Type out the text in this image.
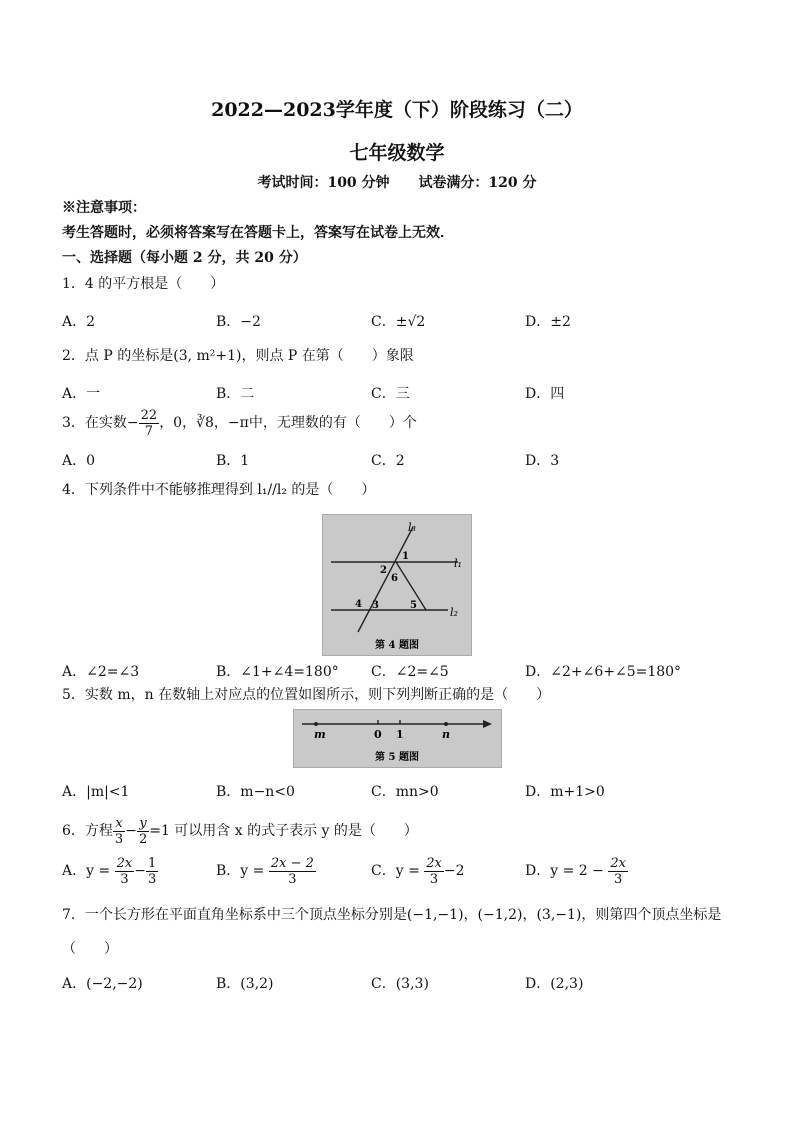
2022—2023学年度（下）阶段练习（二）
七年级数学
考试时间：100 分钟 试卷满分：120 分
※注意事项：
考生答题时，必须将答案写在答题卡上，答案写在试卷上无效．
一、选择题（每小题 2 分，共 20 分）
1．4 的平方根是（　　）
A．2	B．−2	C．±√2	D．±2
2．点 P 的坐标是(3, m²+1)，则点 P 在第（　　）象限
A．一	B．二	C．三	D．四
3．在实数− $\frac{22}{7}$ ，0，∛8，−π中，无理数的有（　　）个
A．0	B．1	C．2	D．3
4．下列条件中不能够推理得到 l₁//l₂ 的是（　　）
l₃
l₁
l₂
1
2
6
4 3	5
第 4 题图
A．∠2=∠3	B．∠1+∠4=180° C．∠2=∠5	D．∠2+∠6+∠5=180°
5．实数 m，n 在数轴上对应点的位置如图所示，则下列判断正确的是（　　）
m	0 1	n
第 5 题图
A．|m|<1	B．m−n<0	C．mn>0	D．m+1>0
6．方程 $\frac{x}{3} - \frac{y}{2} =1$ 可以用含 x 的式子表示 y 的是（　　）
A．$y = \frac{2x}{3} - \frac{1}{3}$	B．$y = \frac{2x - 2}{3}$	C．$y = \frac{2x}{3} -2$	D．$y = 2 - \frac{2x}{3}$
7．一个长方形在平面直角坐标系中三个顶点坐标分别是(−1,−1)，(−1,2)，(3,−1)，则第四个顶点坐标是
（　　）
A．(−2,−2)	B．(3,2)	C．(3,3)	D．(2,3)
